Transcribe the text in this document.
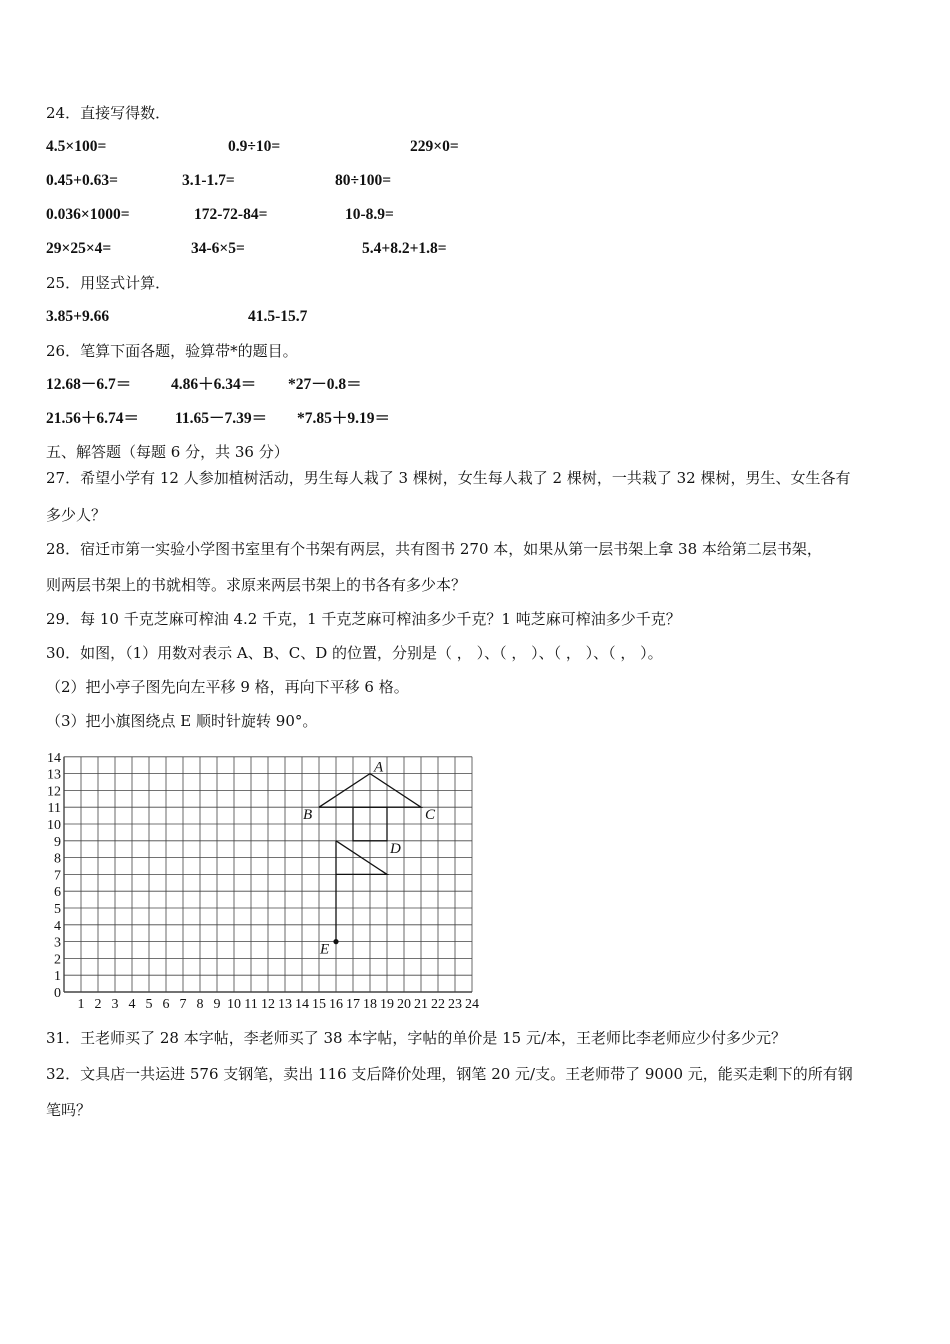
24．直接写得数．
4.5×100=	0.9÷10=	229×0=
0.45+0.63=	3.1-1.7=	80÷100=
0.036×1000=	172-72-84=	10-8.9=
29×25×4=	34-6×5=	5.4+8.2+1.8=
25．用竖式计算．
3.85+9.66	41.5-15.7
26．笔算下面各题，验算带*的题目。
12.68－6.7＝	4.86＋6.34＝ *27－0.8＝
21.56＋6.74＝ 11.65－7.39＝ *7.85＋9.19＝
五、解答题（每题 6 分，共 36 分）
27．希望小学有 12 人参加植树活动，男生每人栽了 3 棵树，女生每人栽了 2 棵树，一共栽了 32 棵树，男生、女生各有
多少人？
28．宿迁市第一实验小学图书室里有个书架有两层，共有图书 270 本，如果从第一层书架上拿 38 本给第二层书架，
则两层书架上的书就相等。求原来两层书架上的书各有多少本？
29．每 10 千克芝麻可榨油 4.2 千克，1 千克芝麻可榨油多少千克？1 吨芝麻可榨油多少千克？
30．如图，（1）用数对表示 A、B、C、D 的位置，分别是（ ， ）、（ ， ）、（ ， ）、（ ， ）。
（2）把小亭子图先向左平移 9 格，再向下平移 6 格。
（3）把小旗图绕点 E 顺时针旋转 90°。
0
1
2
3
4
5
6
7
8
9
10
11
12
13
14
1 2 3 4 5 6 7 8 9 10 11 12 13 14 15 16 17 18 19 20 21 22 23 24
A
B	C
D
E
31．王老师买了 28 本字帖，李老师买了 38 本字帖，字帖的单价是 15 元/本，王老师比李老师应少付多少元？
32．文具店一共运进 576 支钢笔，卖出 116 支后降价处理，钢笔 20 元/支。王老师带了 9000 元，能买走剩下的所有钢
笔吗？
